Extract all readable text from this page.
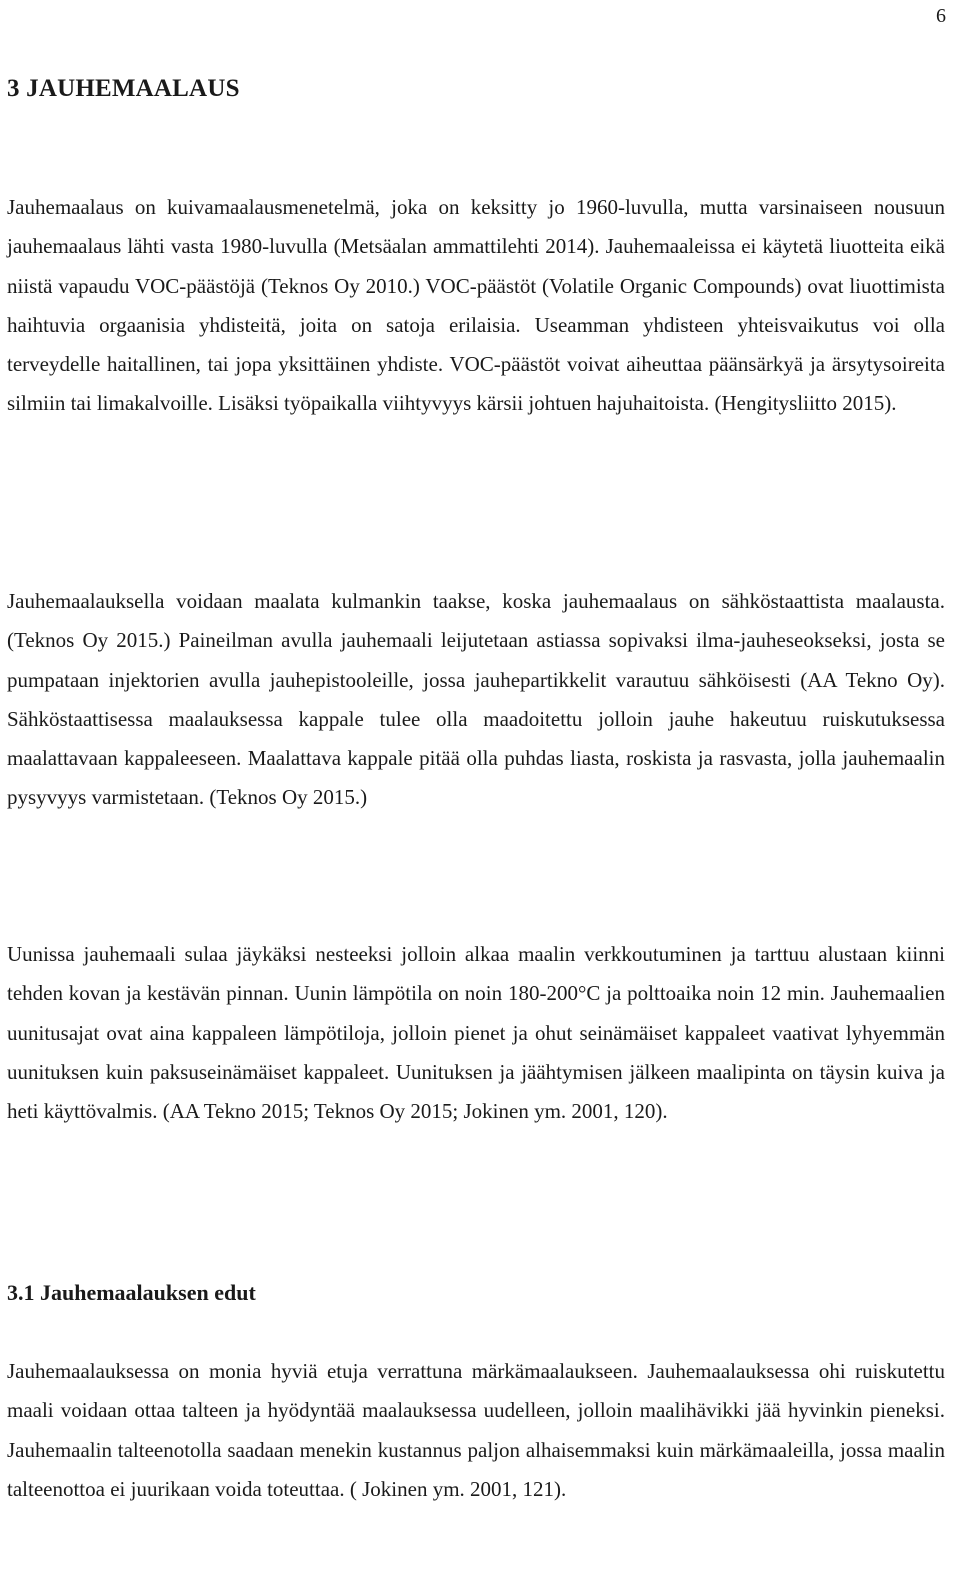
6
3 JAUHEMAALAUS

Jauhemaalaus on kuivamaalausmenetelmä, joka on keksitty jo 1960-luvulla, mutta varsinaiseen nousuun jauhemaalaus lähti vasta 1980-luvulla (Metsäalan ammattilehti 2014). Jauhemaaleissa ei käytetä liuotteita eikä niistä vapaudu VOC-päästöjä (Teknos Oy 2010.) VOC-päästöt (Volatile Organic Compounds) ovat liuottimista haihtuvia orgaanisia yhdisteitä, joita on satoja erilaisia. Useamman yhdisteen yhteisvaikutus voi olla terveydelle haitallinen, tai jopa yksittäinen yhdiste. VOC-päästöt voivat aiheuttaa päänsärkyä ja ärsytysoireita silmiin tai limakalvoille. Lisäksi työpaikalla viihtyvyys kärsii johtuen hajuhaitoista. (Hengitysliitto 2015).

Jauhemaalauksella voidaan maalata kulmankin taakse, koska jauhemaalaus on sähköstaattista maalausta. (Teknos Oy 2015.) Paineilman avulla jauhemaali leijutetaan astiassa sopivaksi ilma-jauheseokseksi, josta se pumpataan injektorien avulla jauhepistooleille, jossa jauhepartikkelit varautuu sähköisesti (AA Tekno Oy). Sähköstaattisessa maalauksessa kappale tulee olla maadoitettu jolloin jauhe hakeutuu ruiskutuksessa maalattavaan kappaleeseen. Maalattava kappale pitää olla puhdas liasta, roskista ja rasvasta, jolla jauhemaalin pysyvyys varmistetaan. (Teknos Oy 2015.)

Uunissa jauhemaali sulaa jäykäksi nesteeksi jolloin alkaa maalin verkkoutuminen ja tarttuu alustaan kiinni tehden kovan ja kestävän pinnan. Uunin lämpötila on noin 180-200°C ja polttoaika noin 12 min. Jauhemaalien uunitusajat ovat aina kappaleen lämpötiloja, jolloin pienet ja ohut seinämäiset kappaleet vaativat lyhyemmän uunituksen kuin paksuseinämäiset kappaleet. Uunituksen ja jäähtymisen jälkeen maalipinta on täysin kuiva ja heti käyttövalmis. (AA Tekno 2015; Teknos Oy 2015; Jokinen ym. 2001, 120).

3.1 Jauhemaalauksen edut

Jauhemaalauksessa on monia hyviä etuja verrattuna märkämaalaukseen. Jauhemaalauksessa ohi ruiskutettu maali voidaan ottaa talteen ja hyödyntää maalauksessa uudelleen, jolloin maalihävikki jää hyvinkin pieneksi. Jauhemaalin talteenotolla saadaan menekin kustannus paljon alhaisemmaksi kuin märkämaaleilla, jossa maalin talteenottoa ei juurikaan voida toteuttaa. ( Jokinen ym. 2001, 121).
